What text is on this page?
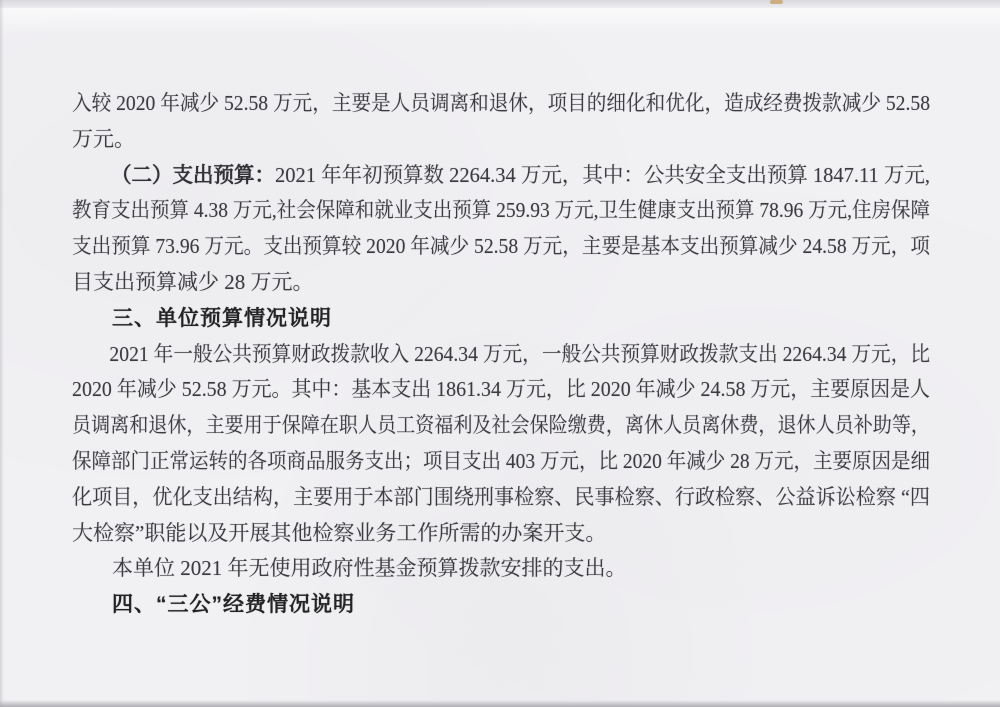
入较 2020 年减少 52.58 万元，主要是人员调离和退休，项目的细化和优化，造成经费拨款减少 52.58
万元。
（二）支出预算：2021 年年初预算数 2264.34 万元，其中：公共安全支出预算 1847.11 万元,
教育支出预算 4.38 万元,社会保障和就业支出预算 259.93 万元,卫生健康支出预算 78.96 万元,住房保障
支出预算 73.96 万元。支出预算较 2020 年减少 52.58 万元，主要是基本支出预算减少 24.58 万元，项
目支出预算减少 28 万元。
三、单位预算情况说明
2021 年一般公共预算财政拨款收入 2264.34 万元，一般公共预算财政拨款支出 2264.34 万元，比
2020 年减少 52.58 万元。其中：基本支出 1861.34 万元，比 2020 年减少 24.58 万元，主要原因是人
员调离和退休，主要用于保障在职人员工资福利及社会保险缴费，离休人员离休费，退休人员补助等，
保障部门正常运转的各项商品服务支出；项目支出 403 万元，比 2020 年减少 28 万元，主要原因是细
化项目，优化支出结构，主要用于本部门围绕刑事检察、民事检察、行政检察、公益诉讼检察 “四
大检察”职能以及开展其他检察业务工作所需的办案开支。
本单位 2021 年无使用政府性基金预算拨款安排的支出。
四、“三公”经费情况说明
